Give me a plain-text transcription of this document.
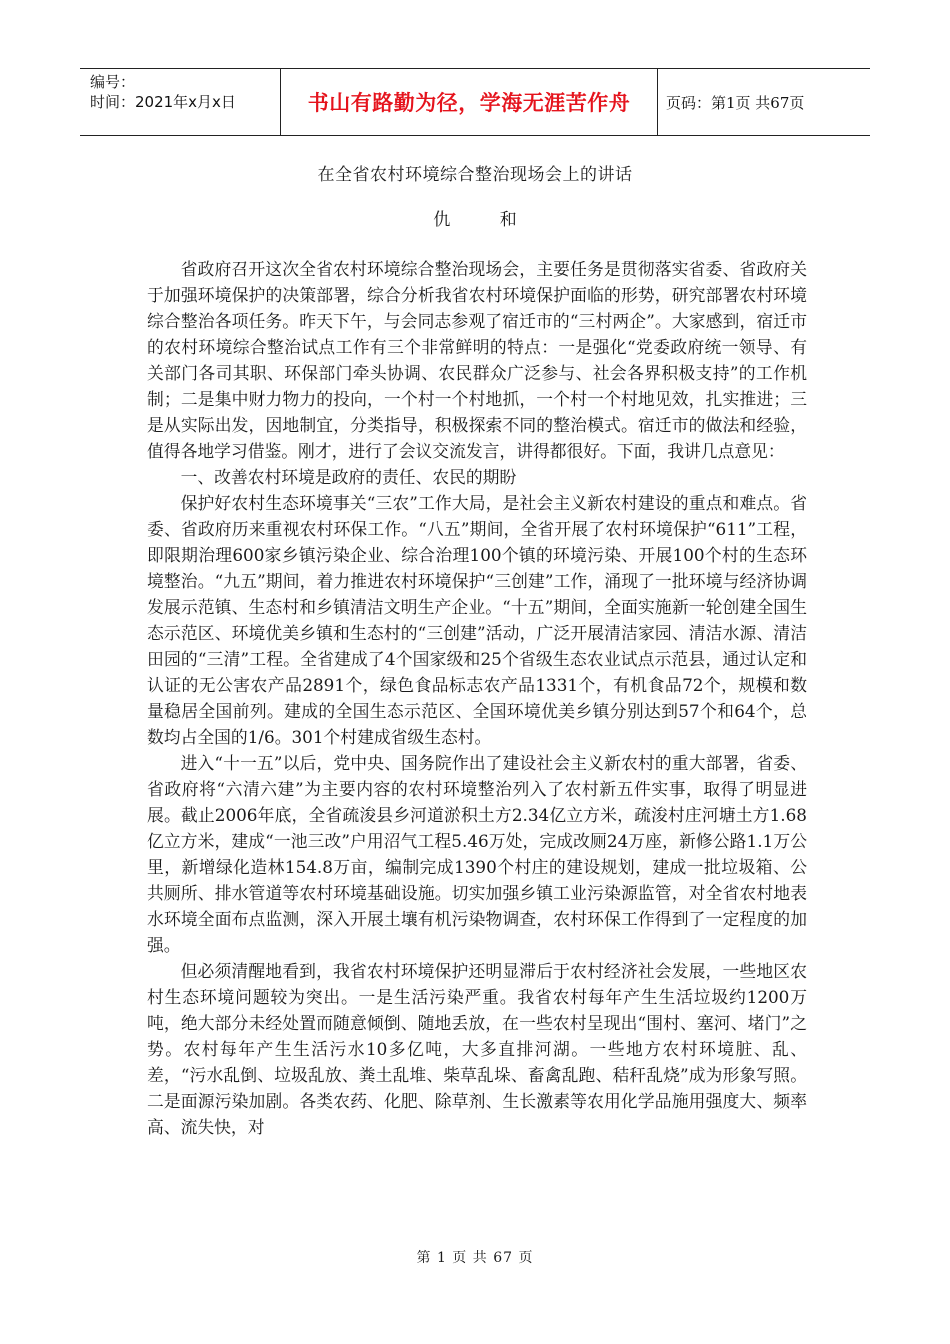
编号：
时间：2021年x月x日	书山有路勤为径，学海无涯苦作舟	页码：第1页 共67页
在全省农村环境综合整治现场会上的讲话
仇 和

省政府召开这次全省农村环境综合整治现场会，主要任务是贯彻落实省委、省政府关于加强环境保护的决策部署，综合分析我省农村环境保护面临的形势，研究部署农村环境综合整治各项任务。昨天下午，与会同志参观了宿迁市的“三村两企”。大家感到，宿迁市的农村环境综合整治试点工作有三个非常鲜明的特点：一是强化“党委政府统一领导、有关部门各司其职、环保部门牵头协调、农民群众广泛参与、社会各界积极支持”的工作机制；二是集中财力物力的投向，一个村一个村地抓，一个村一个村地见效，扎实推进；三是从实际出发，因地制宜，分类指导，积极探索不同的整治模式。宿迁市的做法和经验，值得各地学习借鉴。刚才，进行了会议交流发言，讲得都很好。下面，我讲几点意见：

一、改善农村环境是政府的责任、农民的期盼

保护好农村生态环境事关“三农”工作大局，是社会主义新农村建设的重点和难点。省委、省政府历来重视农村环保工作。“八五”期间，全省开展了农村环境保护“611”工程，即限期治理600家乡镇污染企业、综合治理100个镇的环境污染、开展100个村的生态环境整治。“九五”期间，着力推进农村环境保护“三创建”工作，涌现了一批环境与经济协调发展示范镇、生态村和乡镇清洁文明生产企业。“十五”期间，全面实施新一轮创建全国生态示范区、环境优美乡镇和生态村的“三创建”活动，广泛开展清洁家园、清洁水源、清洁田园的“三清”工程。全省建成了4个国家级和25个省级生态农业试点示范县，通过认定和认证的无公害农产品2891个，绿色食品标志农产品1331个，有机食品72个，规模和数量稳居全国前列。建成的全国生态示范区、全国环境优美乡镇分别达到57个和64个，总数均占全国的1/6。301个村建成省级生态村。

进入“十一五”以后，党中央、国务院作出了建设社会主义新农村的重大部署，省委、省政府将“六清六建”为主要内容的农村环境整治列入了农村新五件实事，取得了明显进展。截止2006年底，全省疏浚县乡河道淤积土方2.34亿立方米，疏浚村庄河塘土方1.68亿立方米，建成“一池三改”户用沼气工程5.46万处，完成改厕24万座，新修公路1.1万公里，新增绿化造林154.8万亩，编制完成1390个村庄的建设规划，建成一批垃圾箱、公共厕所、排水管道等农村环境基础设施。切实加强乡镇工业污染源监管，对全省农村地表水环境全面布点监测，深入开展土壤有机污染物调查，农村环保工作得到了一定程度的加强。

但必须清醒地看到，我省农村环境保护还明显滞后于农村经济社会发展，一些地区农村生态环境问题较为突出。一是生活污染严重。我省农村每年产生生活垃圾约1200万吨，绝大部分未经处置而随意倾倒、随地丢放，在一些农村呈现出“围村、塞河、堵门”之势。农村每年产生生活污水10多亿吨，大多直排河湖。一些地方农村环境脏、乱、差，“污水乱倒、垃圾乱放、粪土乱堆、柴草乱垛、畜禽乱跑、秸秆乱烧”成为形象写照。二是面源污染加剧。各类农药、化肥、除草剂、生长激素等农用化学品施用强度大、频率高、流失快，对

第 1 页 共 67 页
